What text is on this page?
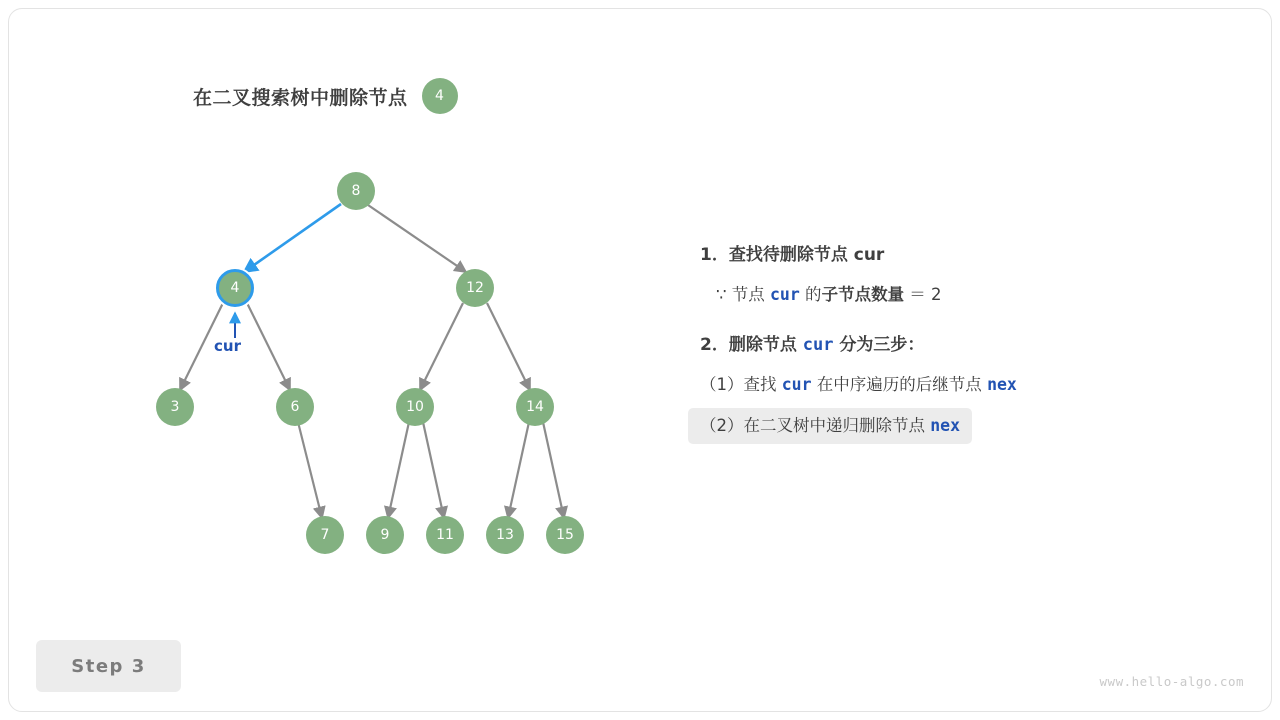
在二叉搜索树中删除节点	4
8
4	12
3	6	10	14
7	9	11	13	15
cur
1．查找待删除节点 cur
∵ 节点 cur 的子节点数量 ＝ 2
2．删除节点 cur 分为三步：
（1）查找 cur 在中序遍历的后继节点 nex
（2）在二叉树中递归删除节点 nex
Step 3
www.hello-algo.com
